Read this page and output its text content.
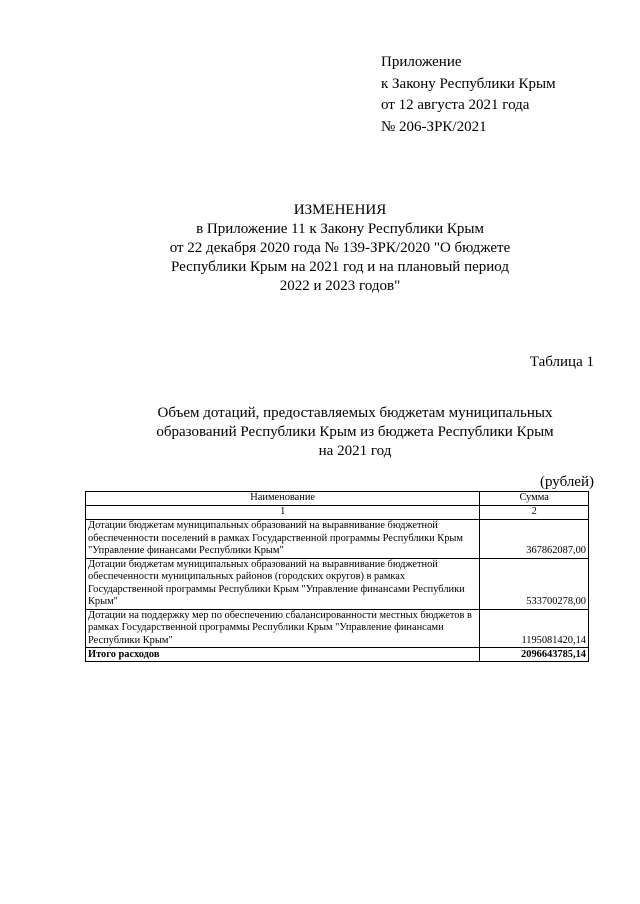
Приложение
к Закону Республики Крым
от 12 августа 2021 года
№ 206-ЗРК/2021
ИЗМЕНЕНИЯ
в Приложение 11 к Закону Республики Крым
от 22 декабря 2020 года № 139-ЗРК/2020 "О бюджете
Республики Крым на 2021 год и на плановый период
2022 и 2023 годов"
Таблица 1
Объем дотаций, предоставляемых бюджетам муниципальных
образований Республики Крым из бюджета Республики Крым
на 2021 год
(рублей)
Наименование	Сумма
1	2
Дотации бюджетам муниципальных образований на выравнивание бюджетной обеспеченности поселений в рамках Государственной программы Республики Крым "Управление финансами Республики Крым"	367862087,00
Дотации бюджетам муниципальных образований на выравнивание бюджетной обеспеченности муниципальных районов (городских округов) в рамках Государственной программы Республики Крым "Управление финансами Республики Крым"	533700278,00
Дотации на поддержку мер по обеспечению сбалансированности местных бюджетов в рамках Государственной программы Республики Крым "Управление финансами Республики Крым"	1195081420,14
Итого расходов	2096643785,14
